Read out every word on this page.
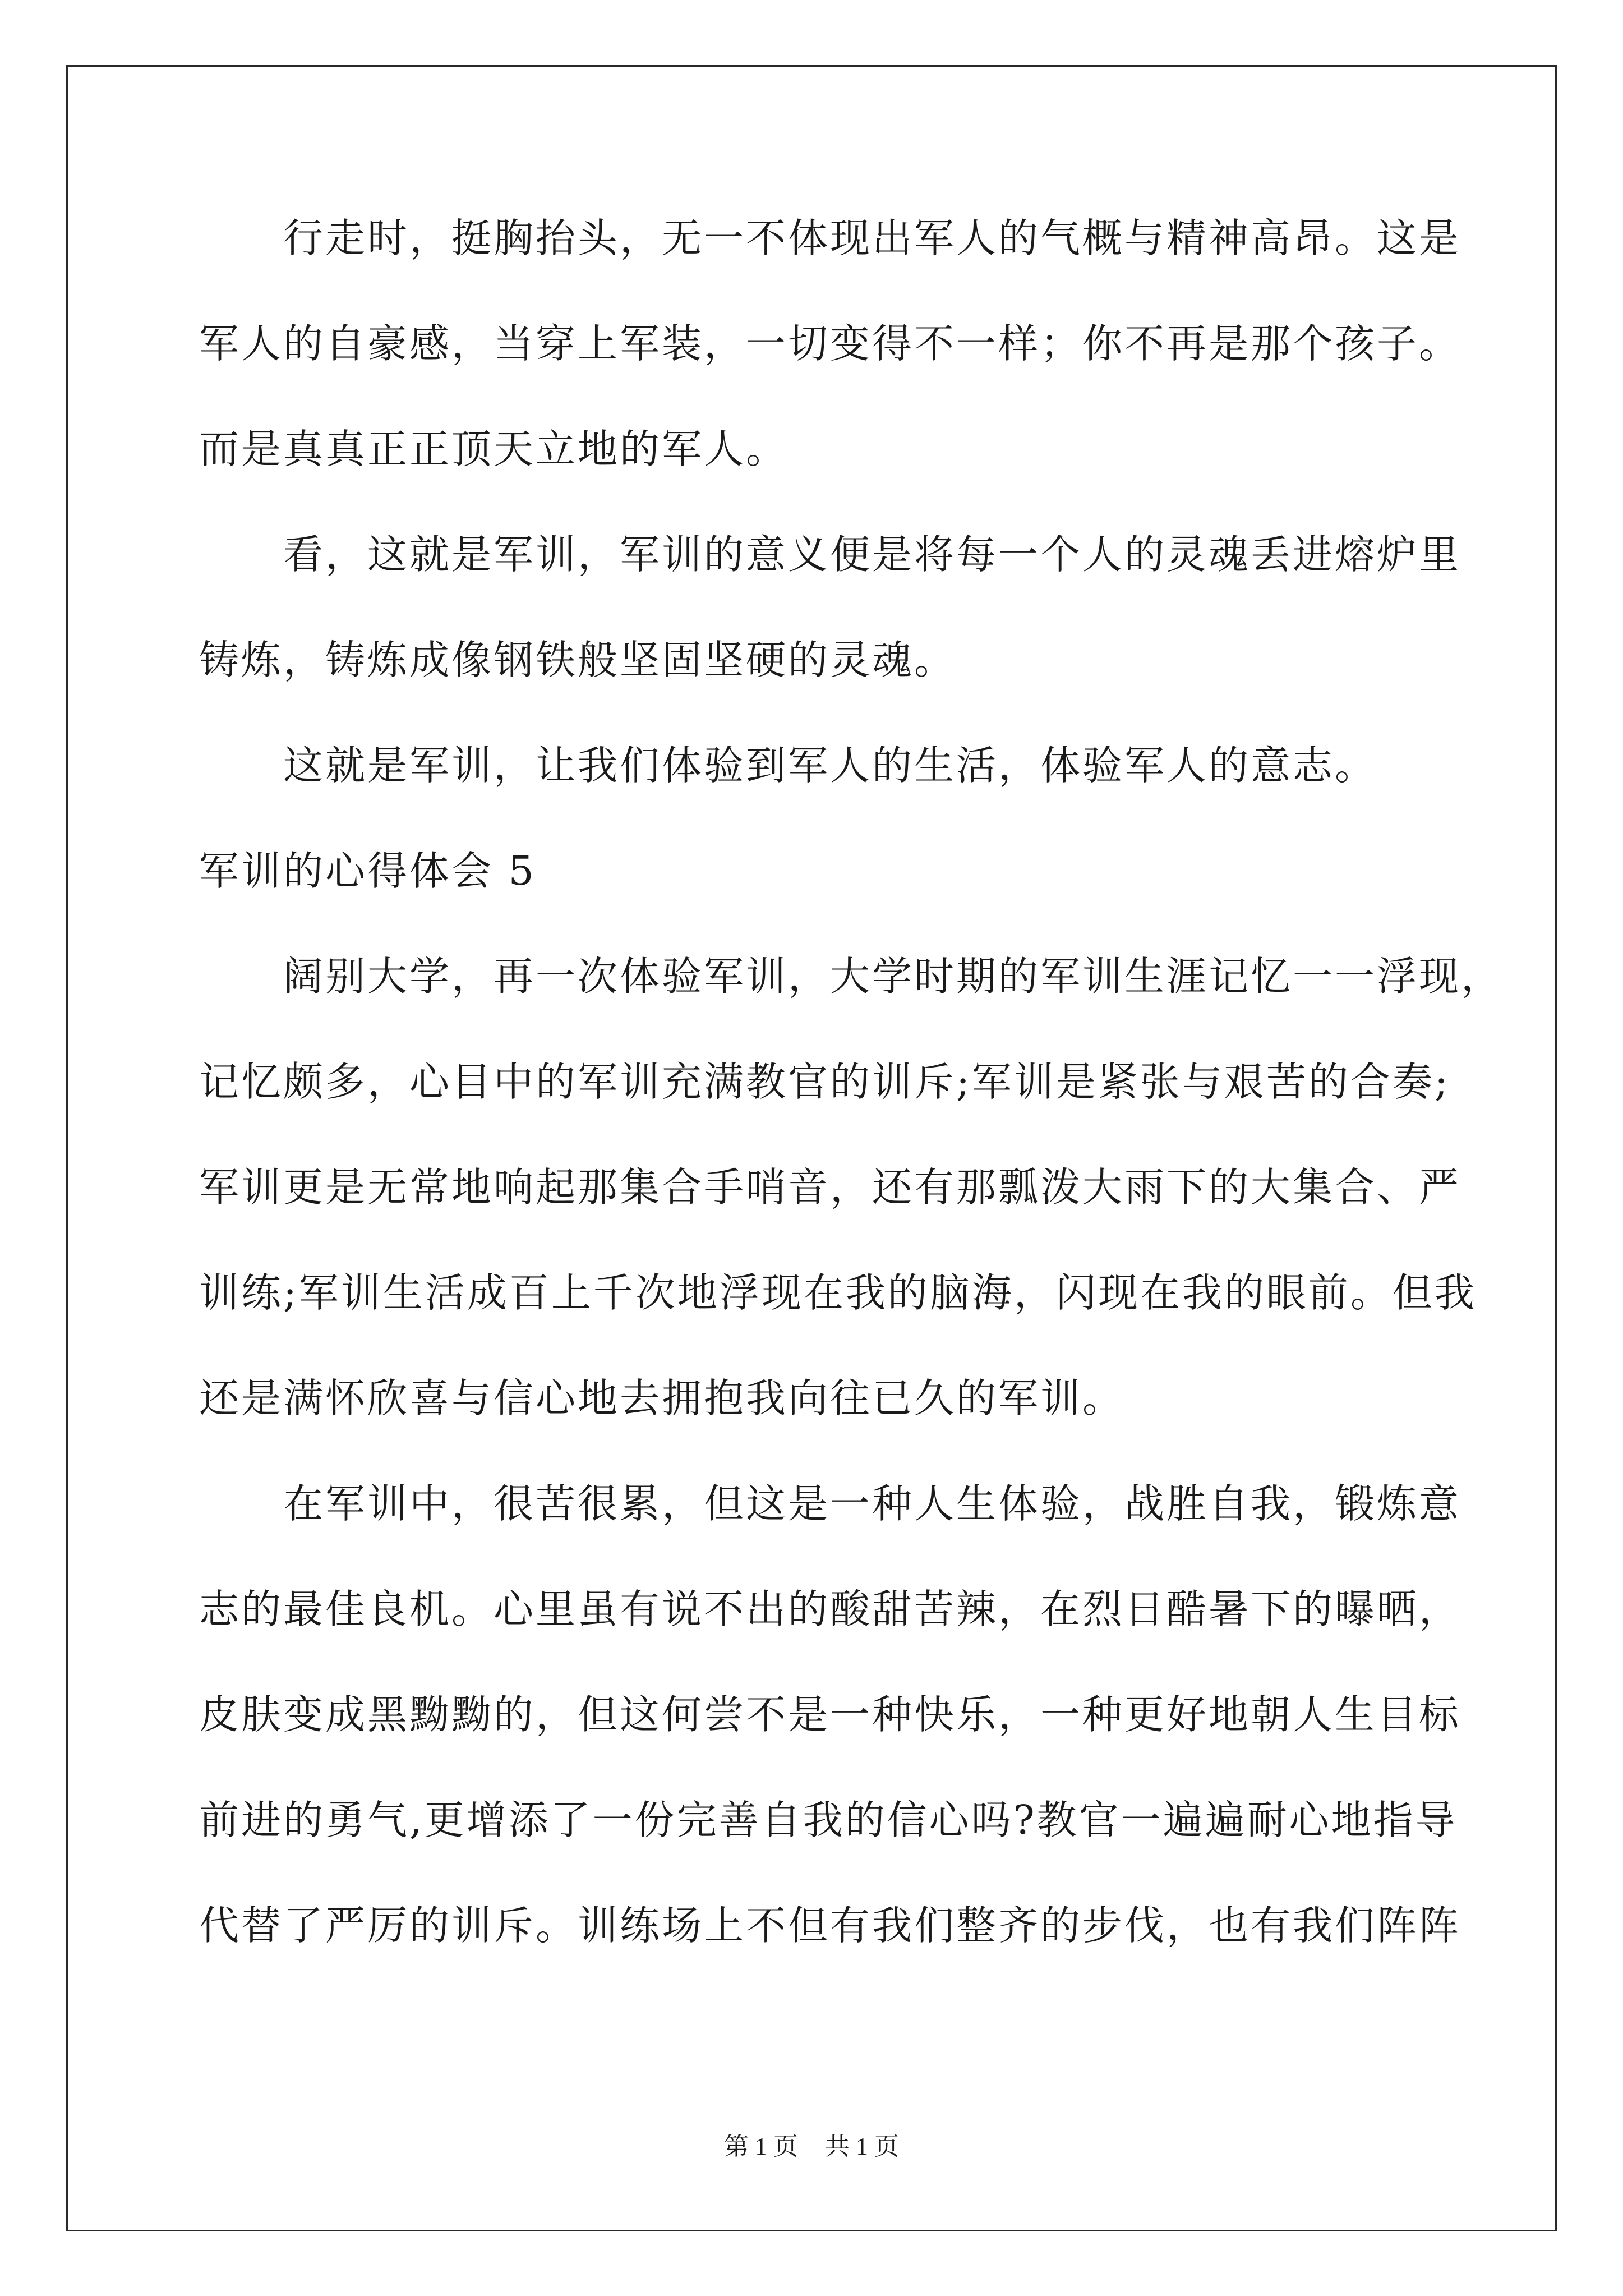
行走时，挺胸抬头，无一不体现出军人的气概与精神高昂。这是
军人的自豪感，当穿上军装，一切变得不一样；你不再是那个孩子。
而是真真正正顶天立地的军人。
看，这就是军训，军训的意义便是将每一个人的灵魂丢进熔炉里
铸炼，铸炼成像钢铁般坚固坚硬的灵魂。
这就是军训，让我们体验到军人的生活，体验军人的意志。
军训的心得体会 5
阔别大学，再一次体验军训，大学时期的军训生涯记忆一一浮现，
记忆颇多，心目中的军训充满教官的训斥;军训是紧张与艰苦的合奏;
军训更是无常地响起那集合手哨音，还有那瓢泼大雨下的大集合、严
训练;军训生活成百上千次地浮现在我的脑海，闪现在我的眼前。但我
还是满怀欣喜与信心地去拥抱我向往已久的军训。
在军训中，很苦很累，但这是一种人生体验，战胜自我，锻炼意
志的最佳良机。心里虽有说不出的酸甜苦辣，在烈日酷暑下的曝晒，
皮肤变成黑黝黝的，但这何尝不是一种快乐，一种更好地朝人生目标
前进的勇气,更增添了一份完善自我的信心吗?教官一遍遍耐心地指导
代替了严厉的训斥。训练场上不但有我们整齐的步伐，也有我们阵阵
第 1 页 共 1 页
